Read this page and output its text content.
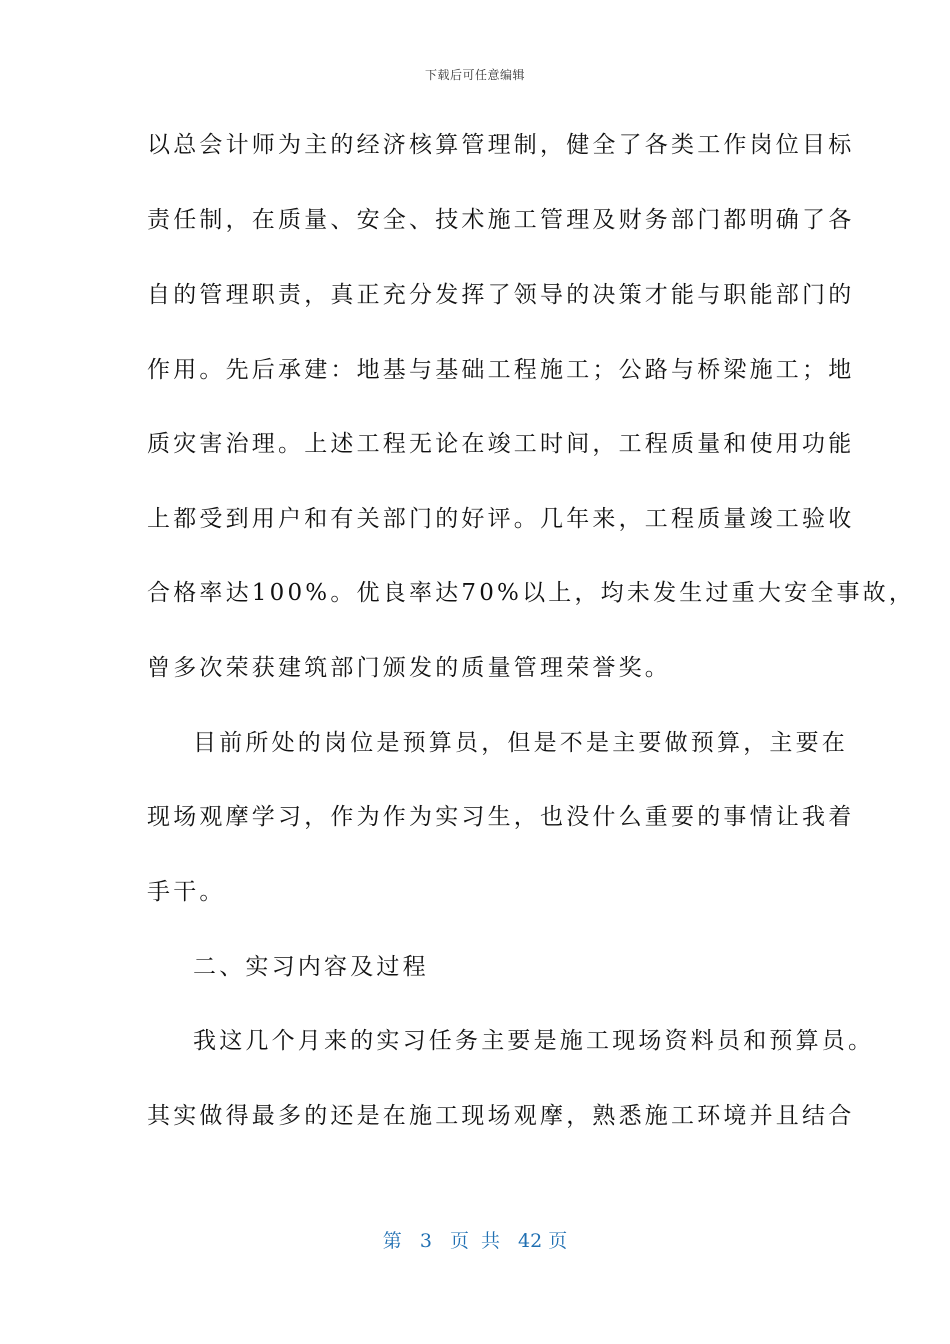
下载后可任意编辑
以总会计师为主的经济核算管理制，健全了各类工作岗位目标
责任制，在质量、安全、技术施工管理及财务部门都明确了各
自的管理职责，真正充分发挥了领导的决策才能与职能部门的
作用。先后承建：地基与基础工程施工；公路与桥梁施工；地
质灾害治理。上述工程无论在竣工时间，工程质量和使用功能
上都受到用户和有关部门的好评。几年来，工程质量竣工验收
合格率达100%。优良率达70%以上，均未发生过重大安全事故，
曾多次荣获建筑部门颁发的质量管理荣誉奖。
目前所处的岗位是预算员，但是不是主要做预算，主要在
现场观摩学习，作为作为实习生，也没什么重要的事情让我着
手干。
二、实习内容及过程
我这几个月来的实习任务主要是施工现场资料员和预算员。
其实做得最多的还是在施工现场观摩，熟悉施工环境并且结合
第 3 页 共 42 页
